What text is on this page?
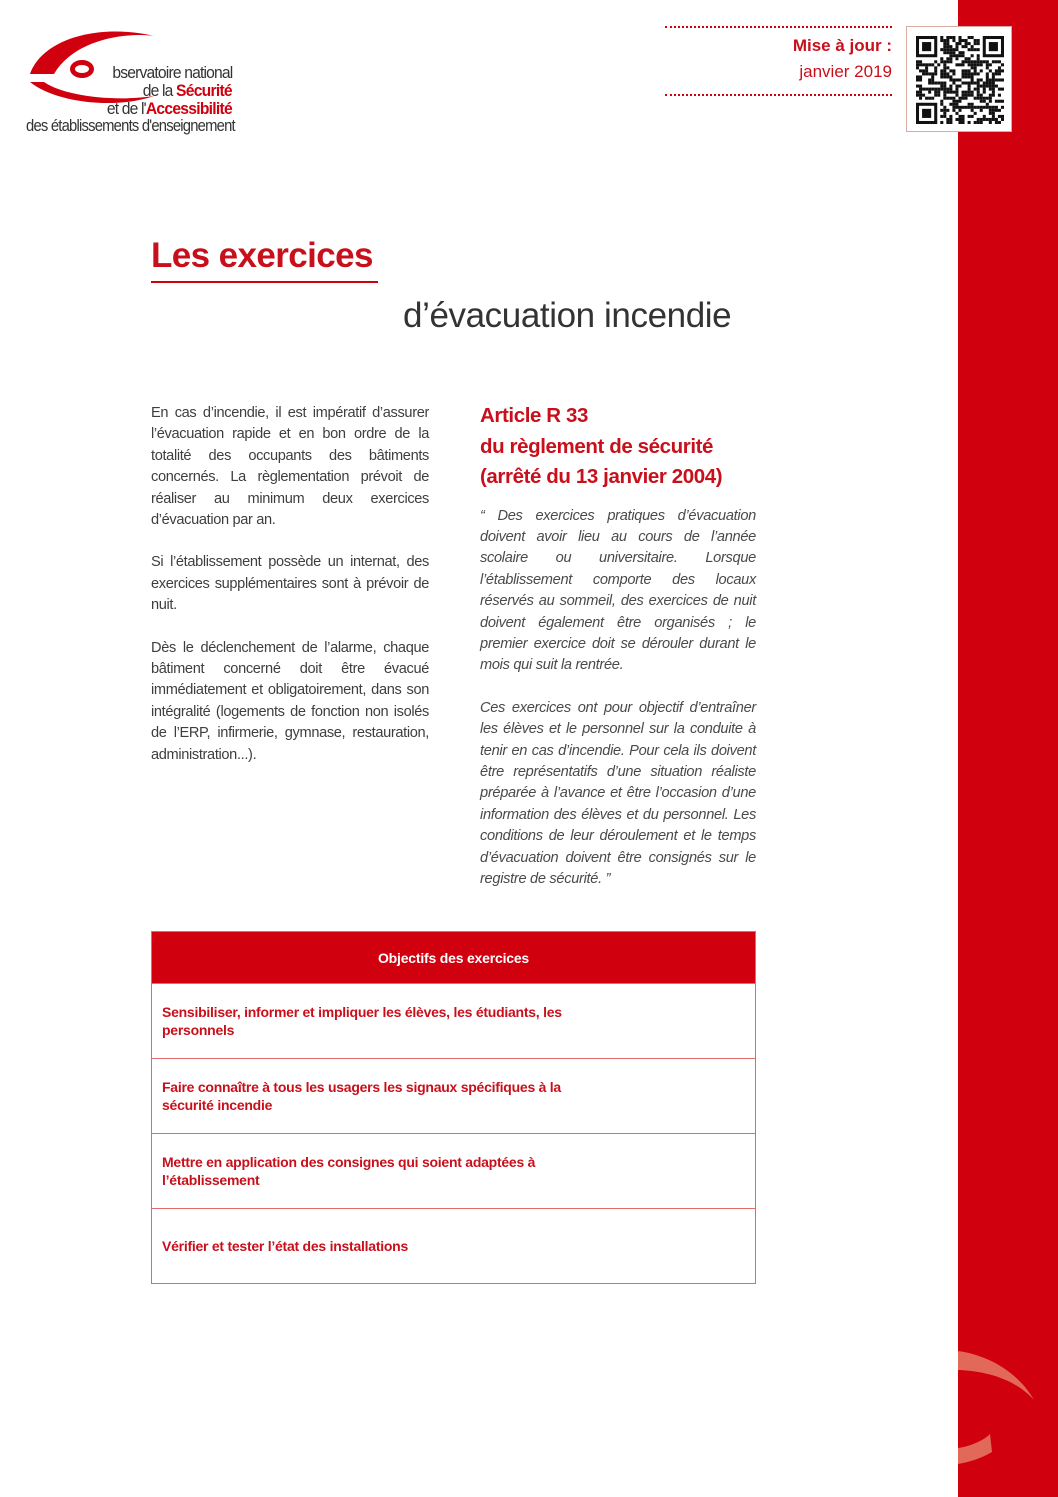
bservatoire national
de la Sécurité
et de l'Accessibilité
des établissements d'enseignement
Mise à jour :
janvier 2019
Les exercices
d’évacuation incendie

En cas d’incendie, il est impératif d’assurer l’évacuation rapide et en bon ordre de la totalité des occupants des bâtiments concernés. La règlementation prévoit de réaliser au minimum deux exercices d’évacuation par an.

Si l’établissement possède un internat, des exercices supplémentaires sont à prévoir de nuit.

Dès le déclenchement de l’alarme, chaque bâtiment concerné doit être évacué immédiatement et obligatoirement, dans son intégralité (logements de fonction non isolés de l’ERP, infirmerie, gymnase, restauration, administration...).

Article R 33
du règlement de sécurité
(arrêté du 13 janvier 2004)

“ Des exercices pratiques d’évacuation doivent avoir lieu au cours de l’année scolaire ou universitaire. Lorsque l’établissement comporte des locaux réservés au sommeil, des exercices de nuit doivent également être organisés ; le premier exercice doit se dérouler durant le mois qui suit la rentrée.

Ces exercices ont pour objectif d’entraîner les élèves et le personnel sur la conduite à tenir en cas d’incendie. Pour cela ils doivent être représentatifs d’une situation réaliste préparée à l’avance et être l’occasion d’une information des élèves et du personnel. Les conditions de leur déroulement et le temps d’évacuation doivent être consignés sur le registre de sécurité. ”

Objectifs des exercices
Sensibiliser, informer et impliquer les élèves, les étudiants, les personnels
Faire connaître à tous les usagers les signaux spécifiques à la sécurité incendie
Mettre en application des consignes qui soient adaptées à l’établissement
Vérifier et tester l’état des installations
